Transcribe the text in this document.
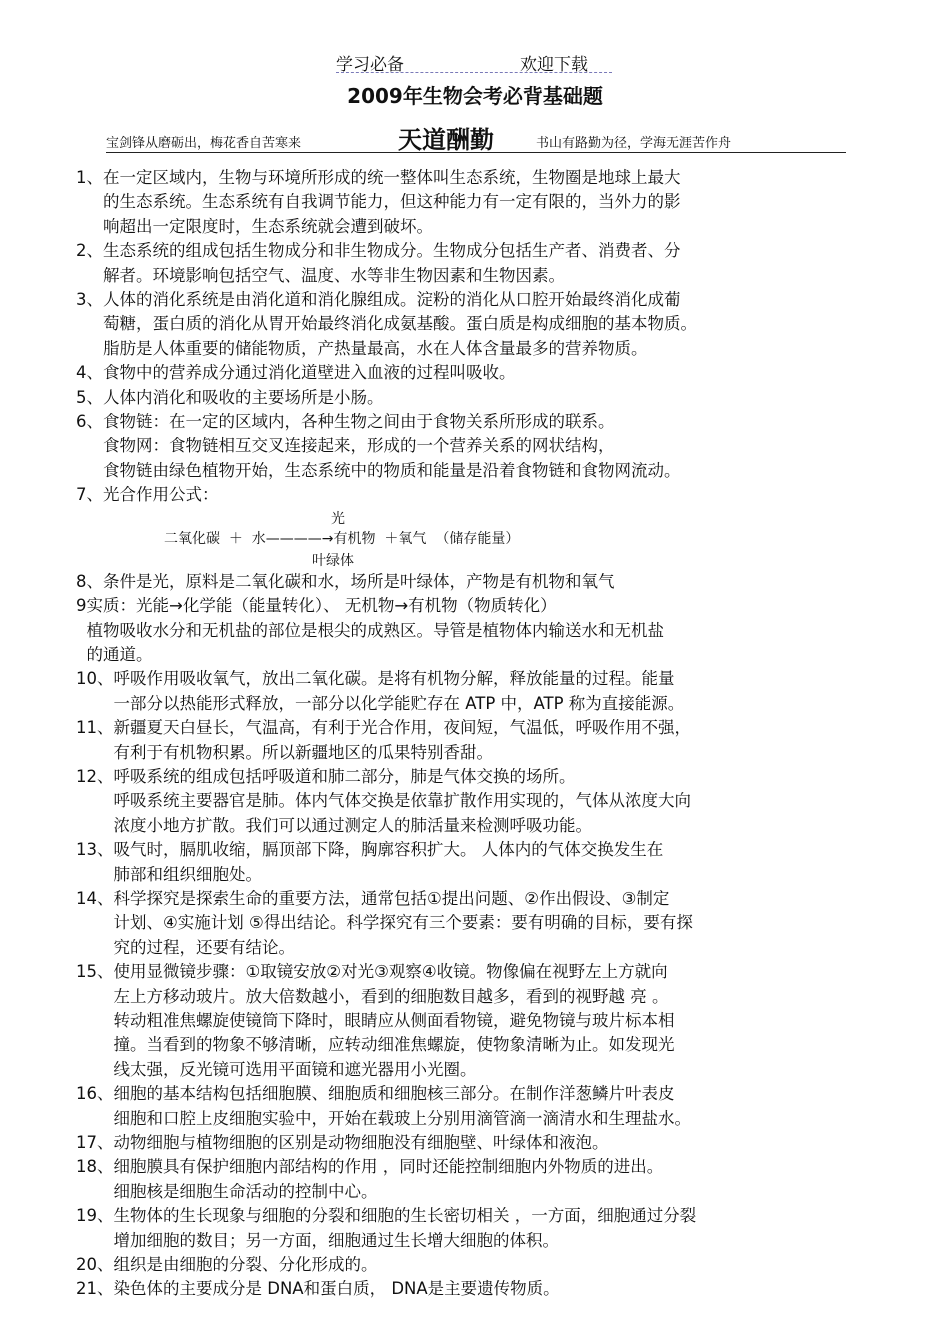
学习必备	欢迎下载
2009年生物会考必背基础题
宝剑锋从磨砺出，梅花香自苦寒来	天道酬勤	书山有路勤为径，学海无涯苦作舟
1、 在一定区域内，生物与环境所形成的统一整体叫生态系统，生物圈是地球上最大

的生态系统。生态系统有自我调节能力，但这种能力有一定有限的，当外力的影

响超出一定限度时，生态系统就会遭到破坏。

2、 生态系统的组成包括生物成分和非生物成分。生物成分包括生产者、消费者、分

解者。环境影响包括空气、温度、水等非生物因素和生物因素。

3、 人体的消化系统是由消化道和消化腺组成。淀粉的消化从口腔开始最终消化成葡

萄糖，蛋白质的消化从胃开始最终消化成氨基酸。蛋白质是构成细胞的基本物质。

脂肪是人体重要的储能物质，产热量最高，水在人体含量最多的营养物质。

4、 食物中的营养成分通过消化道壁进入血液的过程叫吸收。

5、 人体内消化和吸收的主要场所是小肠。

6、 食物链：在一定的区域内，各种生物之间由于食物关系所形成的联系。

食物网：食物链相互交叉连接起来，形成的一个营养关系的网状结构，

食物链由绿色植物开始，生态系统中的物质和能量是沿着食物链和食物网流动。

7、 光合作用公式：

光
二氧化碳  ＋  水————→有机物  ＋氧气  （储存能量）
叶绿体
8、 条件是光，原料是二氧化碳和水，场所是叶绿体，产物是有机物和氧气

9 实质：光能→化学能（能量转化）、 无机物→有机物（物质转化）

植物吸收水分和无机盐的部位是根尖的成熟区。导管是植物体内输送水和无机盐

的通道。

10、 呼吸作用吸收氧气，放出二氧化碳。是将有机物分解，释放能量的过程。能量

一部分以热能形式释放，一部分以化学能贮存在 ATP 中，ATP 称为直接能源。

11、 新疆夏天白昼长，气温高，有利于光合作用，夜间短，气温低，呼吸作用不强，

有利于有机物积累。所以新疆地区的瓜果特别香甜。

12、 呼吸系统的组成包括呼吸道和肺二部分，肺是气体交换的场所。

呼吸系统主要器官是肺。体内气体交换是依靠扩散作用实现的，气体从浓度大向

浓度小地方扩散。我们可以通过测定人的肺活量来检测呼吸功能。

13、 吸气时，膈肌收缩，膈顶部下降，胸廓容积扩大。 人体内的气体交换发生在

肺部和组织细胞处。

14、 科学探究是探索生命的重要方法，通常包括①提出问题、②作出假设、③制定

计划、④实施计划 ⑤得出结论。科学探究有三个要素：要有明确的目标，要有探

究的过程，还要有结论。

15、 使用显微镜步骤：①取镜安放②对光③观察④收镜。物像偏在视野左上方就向

左上方移动玻片。放大倍数越小，看到的细胞数目越多，看到的视野越 亮 。

转动粗准焦螺旋使镜筒下降时，眼睛应从侧面看物镜，避免物镜与玻片标本相

撞。当看到的物象不够清晰，应转动细准焦螺旋，使物象清晰为止。如发现光

线太强，反光镜可选用平面镜和遮光器用小光圈。

16、 细胞的基本结构包括细胞膜、细胞质和细胞核三部分。在制作洋葱鳞片叶表皮

细胞和口腔上皮细胞实验中，开始在载玻上分别用滴管滴一滴清水和生理盐水。

17、 动物细胞与植物细胞的区别是动物细胞没有细胞壁、叶绿体和液泡。

18、 细胞膜具有保护细胞内部结构的作用 ，同时还能控制细胞内外物质的进出。

细胞核是细胞生命活动的控制中心。

19、 生物体的生长现象与细胞的分裂和细胞的生长密切相关 ，一方面，细胞通过分裂

增加细胞的数目；另一方面，细胞通过生长增大细胞的体积。

20、 组织是由细胞的分裂、分化形成的。

21、 染色体的主要成分是 DNA和蛋白质， DNA是主要遗传物质。
